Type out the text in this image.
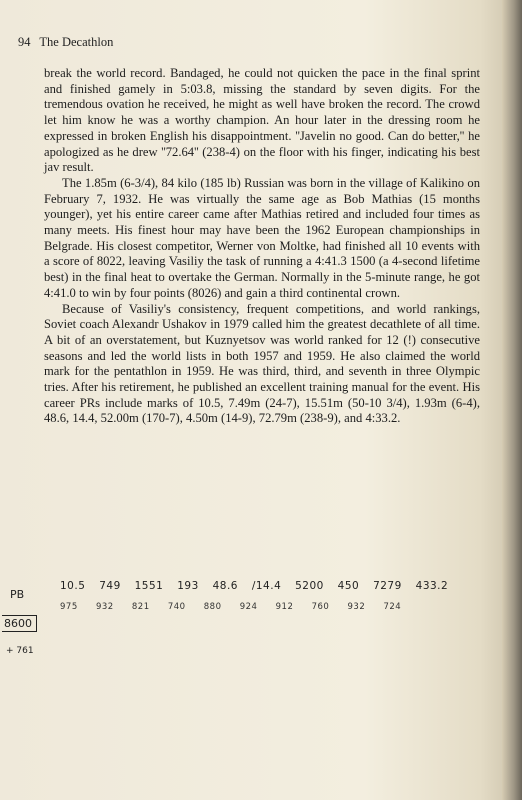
94 The Decathlon

break the world record. Bandaged, he could not quicken the pace in the final sprint and finished gamely in 5:03.8, missing the standard by seven digits. For the tremendous ovation he received, he might as well have broken the record. The crowd let him know he was a worthy champion. An hour later in the dressing room he expressed in broken English his disappointment. ''Javelin no good. Can do better,'' he apologized as he drew ''72.64'' (238-4) on the floor with his finger, indicating his best jav result.

The 1.85m (6-3/4), 84 kilo (185 lb) Russian was born in the village of Kalikino on February 7, 1932. He was virtually the same age as Bob Mathias (15 months younger), yet his entire career came after Mathias retired and included four times as many meets. His finest hour may have been the 1962 European championships in Belgrade. His closest competitor, Werner von Moltke, had finished all 10 events with a score of 8022, leaving Vasiliy the task of running a 4:41.3 1500 (a 4-second lifetime best) in the final heat to overtake the German. Normally in the 5-minute range, he got 4:41.0 to win by four points (8026) and gain a third continental crown.

Because of Vasiliy's consistency, frequent competitions, and world rankings, Soviet coach Alexandr Ushakov in 1979 called him the greatest decathlete of all time. A bit of an overstatement, but Kuznyetsov was world ranked for 12 (!) consecutive seasons and led the world lists in both 1957 and 1959. He also claimed the world mark for the pentathlon in 1959. He was third, third, and seventh in three Olympic tries. After his retirement, he published an excellent training manual for the event. His career PRs include marks of 10.5, 7.49m (24-7), 15.51m (50-10 3/4), 1.93m (6-4), 48.6, 14.4, 52.00m (170-7), 4.50m (14-9), 72.79m (238-9), and 4:33.2.

PB
10.5 749 1551 193 48.6 /14.4 5200 450 7279 433.2
975 932 821 740 880 924 912 760 932 724
8600
+ 761
